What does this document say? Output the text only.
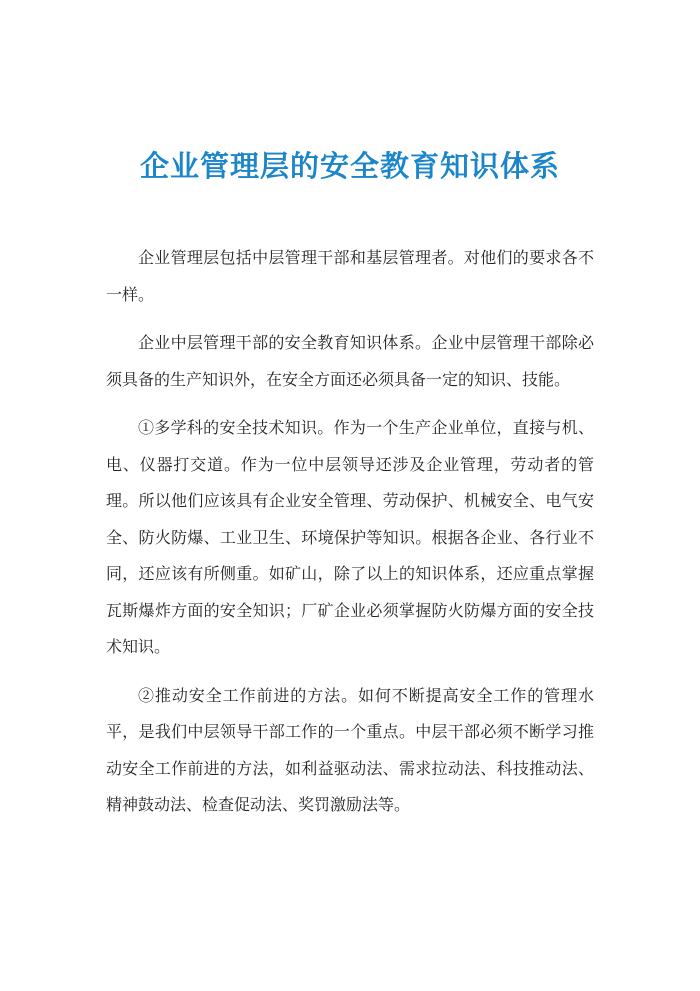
企业管理层的安全教育知识体系

企业管理层包括中层管理干部和基层管理者。对他们的要求各不一样。

企业中层管理干部的安全教育知识体系。企业中层管理干部除必须具备的生产知识外，在安全方面还必须具备一定的知识、技能。

①多学科的安全技术知识。作为一个生产企业单位，直接与机、电、仪器打交道。作为一位中层领导还涉及企业管理，劳动者的管理。所以他们应该具有企业安全管理、劳动保护、机械安全、电气安全、防火防爆、工业卫生、环境保护等知识。根据各企业、各行业不同，还应该有所侧重。如矿山，除了以上的知识体系，还应重点掌握瓦斯爆炸方面的安全知识；厂矿企业必须掌握防火防爆方面的安全技术知识。

②推动安全工作前进的方法。如何不断提高安全工作的管理水平，是我们中层领导干部工作的一个重点。中层干部必须不断学习推动安全工作前进的方法，如利益驱动法、需求拉动法、科技推动法、精神鼓动法、检查促动法、奖罚激励法等。
